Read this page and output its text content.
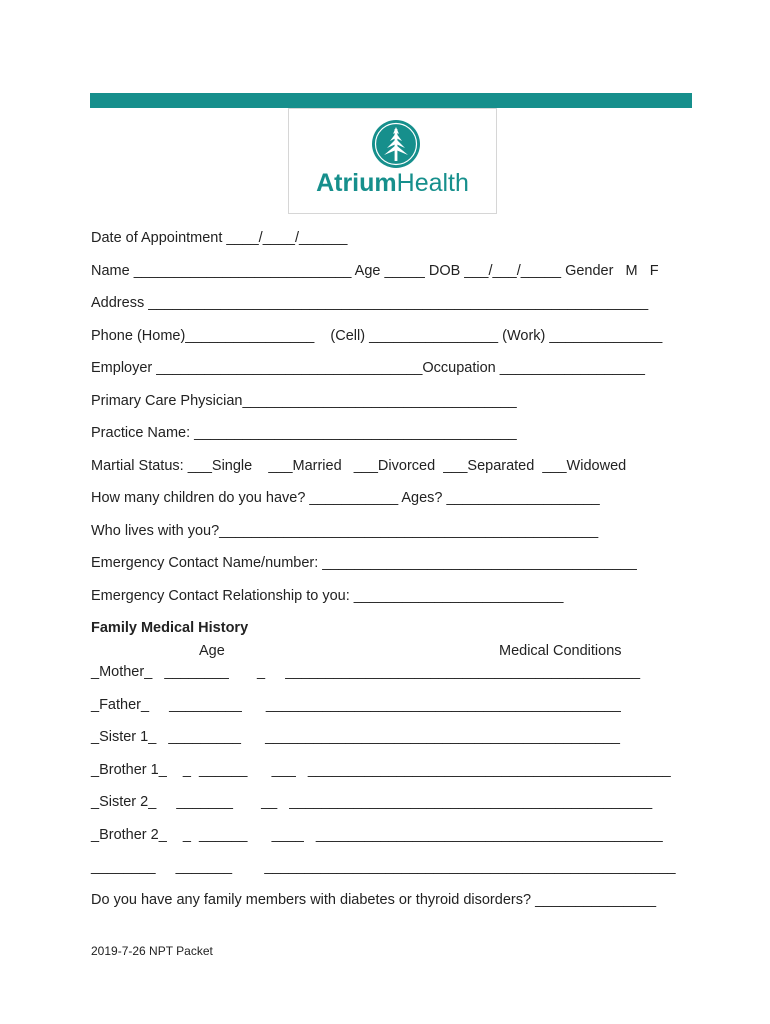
AtriumHealth
Date of Appointment ____/____/______
Name ___________________________ Age _____ DOB ___/___/_____ Gender   M   F
Address ______________________________________________________________
Phone (Home)________________    (Cell) ________________ (Work) ______________
Employer _________________________________Occupation __________________
Primary Care Physician__________________________________
Practice Name: ________________________________________
Martial Status: ___Single    ___Married   ___Divorced  ___Separated  ___Widowed
How many children do you have? ___________ Ages? ___________________
Who lives with you?_______________________________________________
Emergency Contact Name/number: _______________________________________
Emergency Contact Relationship to you: __________________________
Family Medical History
Age	Medical Conditions
_Mother_   ________       _     ____________________________________________
_Father_     _________      ____________________________________________
_Sister 1_   _________      ____________________________________________
_Brother 1_    _  ______      ___   _____________________________________________
_Sister 2_     _______       __   _____________________________________________
_Brother 2_    _  ______      ____   ___________________________________________
________     _______        ___________________________________________________
Do you have any family members with diabetes or thyroid disorders? _______________
2019-7-26 NPT Packet
